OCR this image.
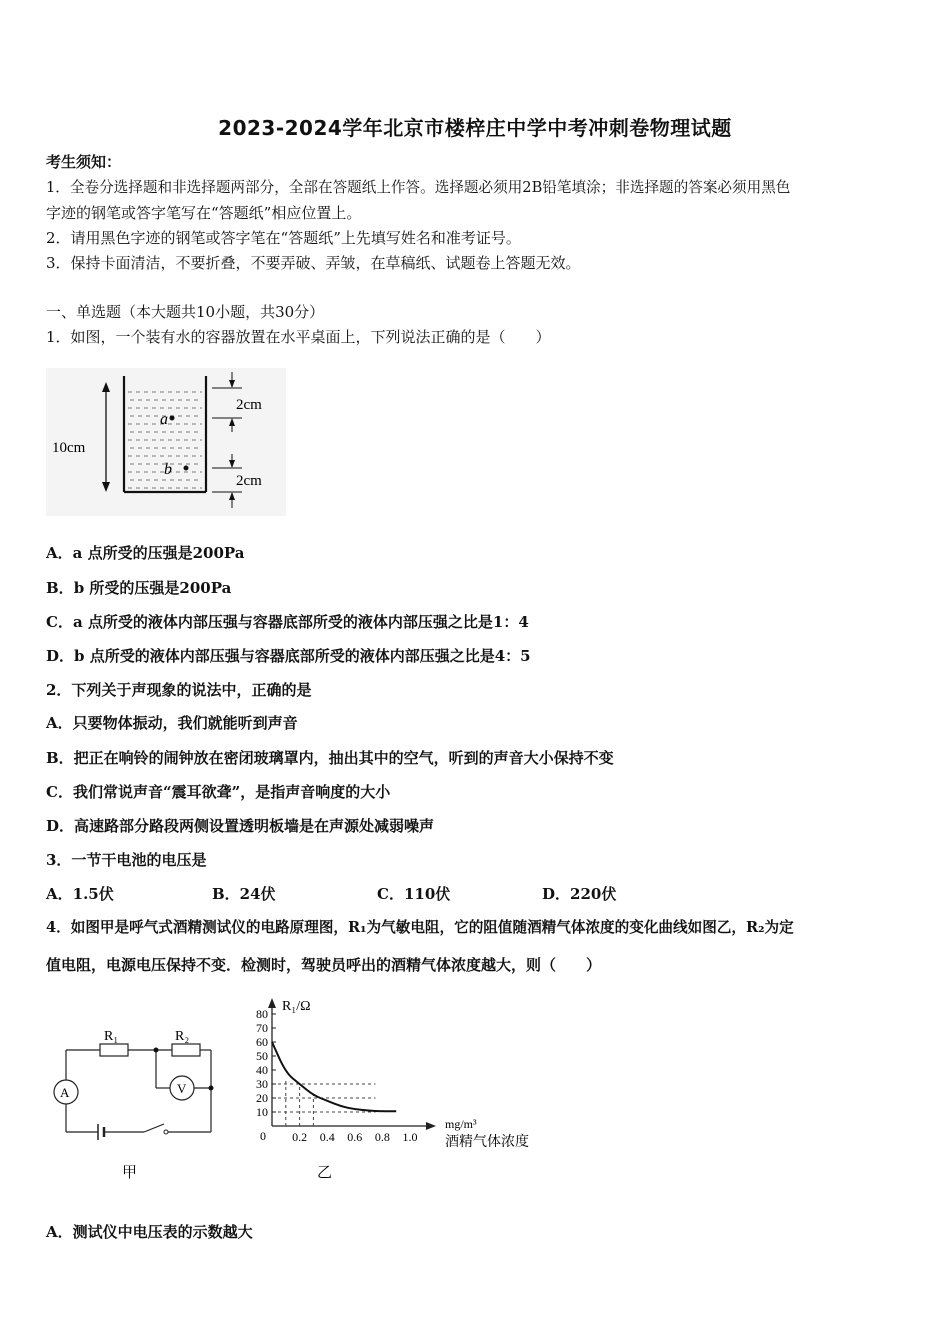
2023-2024学年北京市楼梓庄中学中考冲刺卷物理试题
考生须知：
1．全卷分选择题和非选择题两部分，全部在答题纸上作答。选择题必须用2B铅笔填涂；非选择题的答案必须用黑色
字迹的钢笔或答字笔写在“答题纸”相应位置上。
2．请用黑色字迹的钢笔或答字笔在“答题纸”上先填写姓名和准考证号。
3．保持卡面清洁，不要折叠，不要弄破、弄皱，在草稿纸、试题卷上答题无效。
一、单选题（本大题共10小题，共30分）
1．如图，一个装有水的容器放置在水平桌面上，下列说法正确的是（　　）
a
b
10cm
2cm
2cm
A．a 点所受的压强是200Pa
B．b 所受的压强是200Pa
C．a 点所受的液体内部压强与容器底部所受的液体内部压强之比是1：4
D．b 点所受的液体内部压强与容器底部所受的液体内部压强之比是4：5
2．下列关于声现象的说法中，正确的是
A．只要物体振动，我们就能听到声音
B．把正在响铃的闹钟放在密闭玻璃罩内，抽出其中的空气，听到的声音大小保持不变
C．我们常说声音“震耳欲聋”，是指声音响度的大小
D．高速路部分路段两侧设置透明板墙是在声源处减弱噪声
3．一节干电池的电压是
A．1.5伏	B．24伏	C．110伏	D．220伏
4．如图甲是呼气式酒精测试仪的电路原理图，R₁为气敏电阻，它的阻值随酒精气体浓度的变化曲线如图乙，R₂为定
值电阻，电源电压保持不变．检测时，驾驶员呼出的酒精气体浓度越大，则（　　）
A	V
R₁	R₂
甲
10
20
30
40
50
60
70
80
0.2 0.4 0.6 0.8 1.0
R₁/Ω
0
mg/m³
酒精气体浓度
乙
A．测试仪中电压表的示数越大
